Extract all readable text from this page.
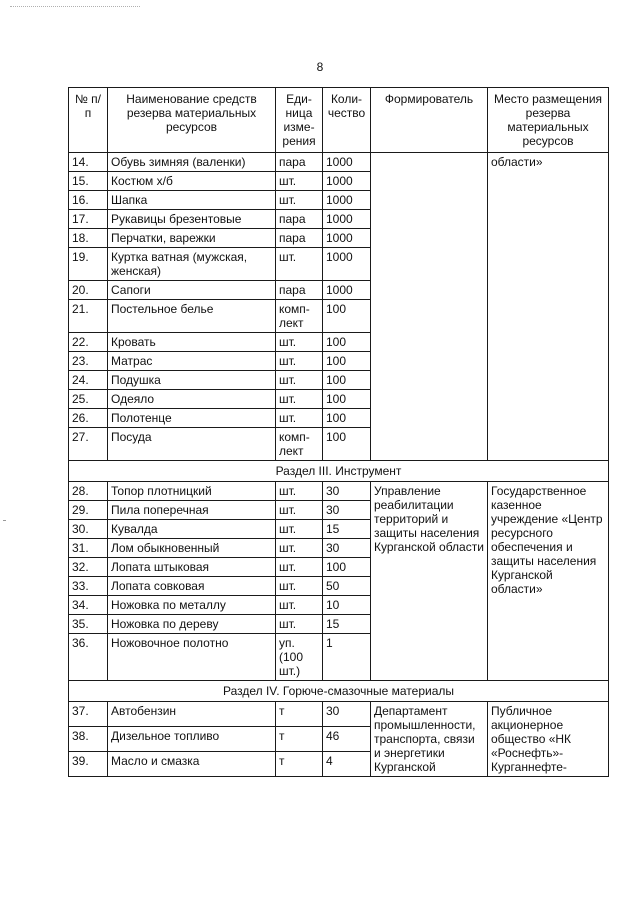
8
№ п/п	Наименование средств резерва материальных ресурсов	Еди-ница изме-рения	Коли-чество	Формирователь	Место размещения резерва материальных ресурсов
14.	Обувь зимняя (валенки)	пара	1000		области»
15.	Костюм х/б	шт.	1000		
16.	Шапка	шт.	1000		
17.	Рукавицы брезентовые	пара	1000		
18.	Перчатки, варежки	пара	1000		
19.	Куртка ватная (мужская, женская)	шт.	1000		
20.	Сапоги	пара	1000		
21.	Постельное белье	комп-лект	100		
22.	Кровать	шт.	100		
23.	Матрас	шт.	100		
24.	Подушка	шт.	100		
25.	Одеяло	шт.	100		
26.	Полотенце	шт.	100		
27.	Посуда	комп-лект	100		
Раздел III. Инструмент					
28.	Топор плотницкий	шт.	30	Управление реабилитации территорий и защиты населения Курганской области	Государственное казенное учреждение «Центр ресурсного обеспечения и защиты населения Курганской области»
29.	Пила поперечная	шт.	30		
30.	Кувалда	шт.	15		
31.	Лом обыкновенный	шт.	30		
32.	Лопата штыковая	шт.	100		
33.	Лопата совковая	шт.	50		
34.	Ножовка по металлу	шт.	10		
35.	Ножовка по дереву	шт.	15		
36.	Ножовочное полотно	уп. (100 шт.)	1		
Раздел IV. Горюче-смазочные материалы					
37.	Автобензин	т	30	Департамент промышленности, транспорта, связи и энергетики Курганской	Публичное акционерное общество «НК «Роснефть»-Курганнефте-
38.	Дизельное топливо	т	46		
39.	Масло и смазка	т	4		
